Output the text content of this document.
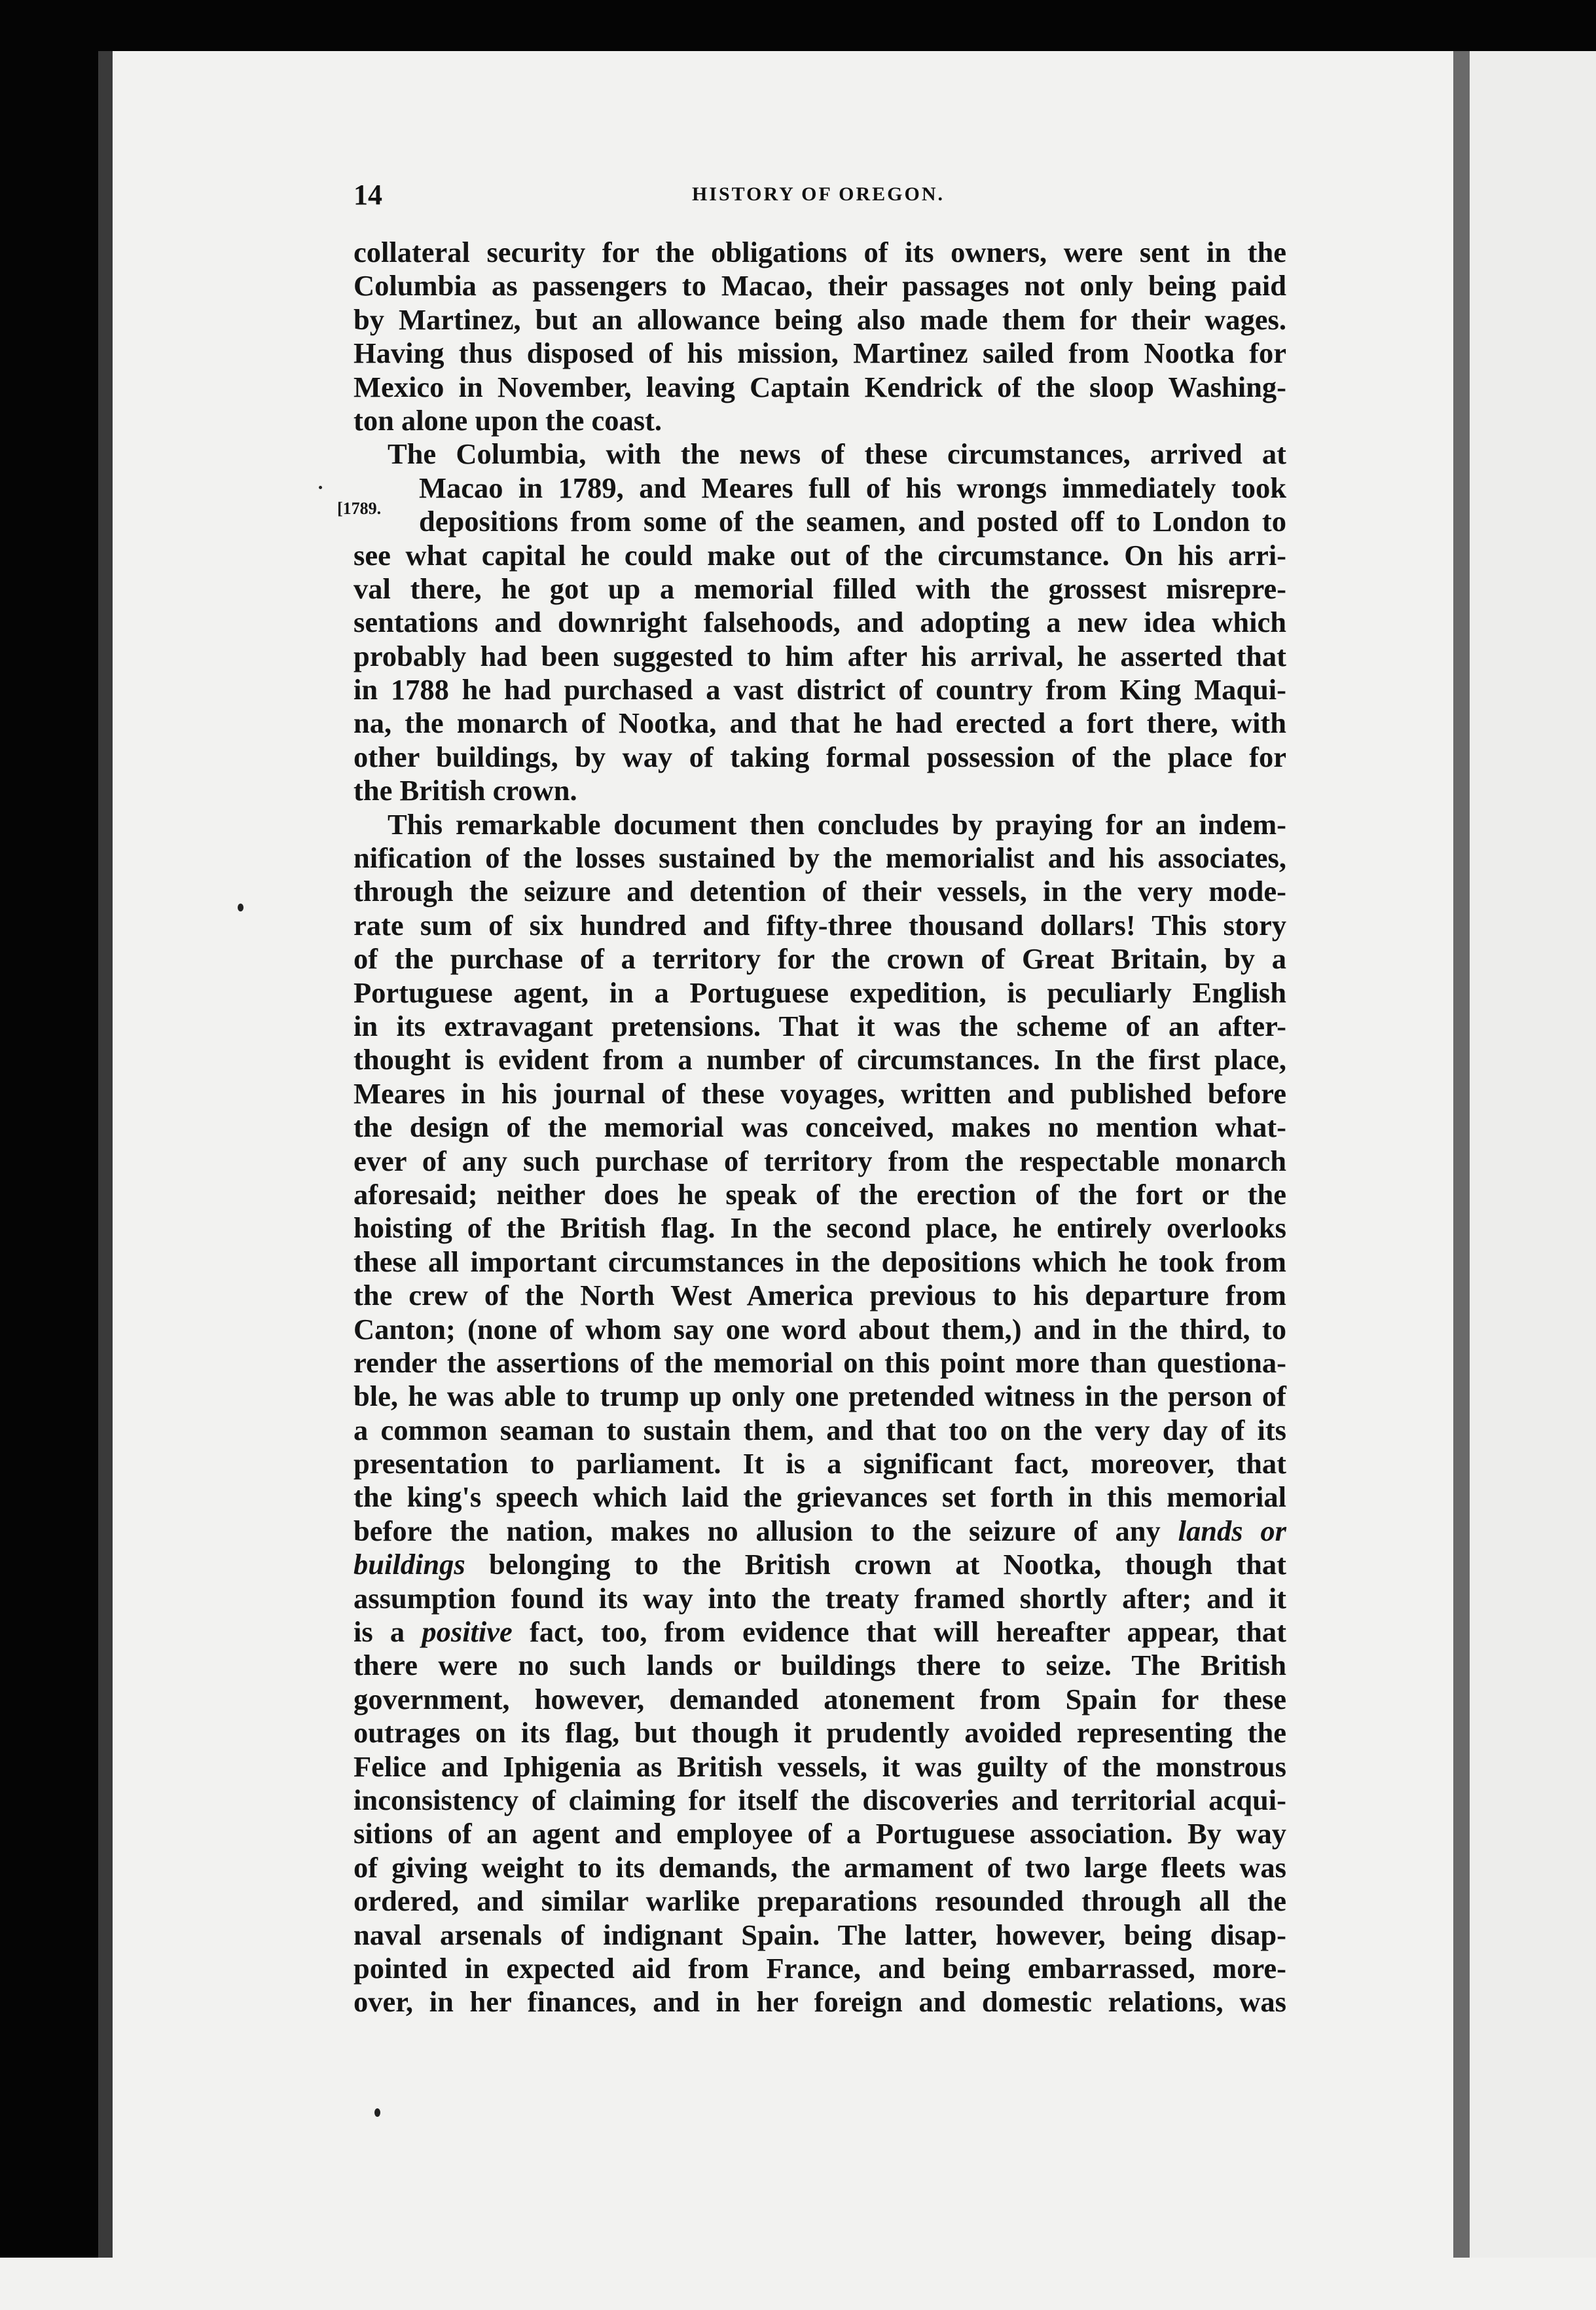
14	HISTORY OF OREGON.
[1789.
collateral security for the obligations of its owners, were sent in the
Columbia as passengers to Macao, their passages not only being paid
by Martinez, but an allowance being also made them for their wages.
Having thus disposed of his mission, Martinez sailed from Nootka for
Mexico in November, leaving Captain Kendrick of the sloop Washing-
ton alone upon the coast.
The Columbia, with the news of these circumstances, arrived at
Macao in 1789, and Meares full of his wrongs immediately took
depositions from some of the seamen, and posted off to London to
see what capital he could make out of the circumstance. On his arri-
val there, he got up a memorial filled with the grossest misrepre-
sentations and downright falsehoods, and adopting a new idea which
probably had been suggested to him after his arrival, he asserted that
in 1788 he had purchased a vast district of country from King Maqui-
na, the monarch of Nootka, and that he had erected a fort there, with
other buildings, by way of taking formal possession of the place for
the British crown.
This remarkable document then concludes by praying for an indem-
nification of the losses sustained by the memorialist and his associates,
through the seizure and detention of their vessels, in the very mode-
rate sum of six hundred and fifty-three thousand dollars! This story
of the purchase of a territory for the crown of Great Britain, by a
Portuguese agent, in a Portuguese expedition, is peculiarly English
in its extravagant pretensions. That it was the scheme of an after-
thought is evident from a number of circumstances. In the first place,
Meares in his journal of these voyages, written and published before
the design of the memorial was conceived, makes no mention what-
ever of any such purchase of territory from the respectable monarch
aforesaid; neither does he speak of the erection of the fort or the
hoisting of the British flag. In the second place, he entirely overlooks
these all important circumstances in the depositions which he took from
the crew of the North West America previous to his departure from
Canton; (none of whom say one word about them,) and in the third, to
render the assertions of the memorial on this point more than questiona-
ble, he was able to trump up only one pretended witness in the person of
a common seaman to sustain them, and that too on the very day of its
presentation to parliament. It is a significant fact, moreover, that
the king's speech which laid the grievances set forth in this memorial
before the nation, makes no allusion to the seizure of any lands or
buildings belonging to the British crown at Nootka, though that
assumption found its way into the treaty framed shortly after; and it
is a positive fact, too, from evidence that will hereafter appear, that
there were no such lands or buildings there to seize. The British
government, however, demanded atonement from Spain for these
outrages on its flag, but though it prudently avoided representing the
Felice and Iphigenia as British vessels, it was guilty of the monstrous
inconsistency of claiming for itself the discoveries and territorial acqui-
sitions of an agent and employee of a Portuguese association. By way
of giving weight to its demands, the armament of two large fleets was
ordered, and similar warlike preparations resounded through all the
naval arsenals of indignant Spain. The latter, however, being disap-
pointed in expected aid from France, and being embarrassed, more-
over, in her finances, and in her foreign and domestic relations, was
